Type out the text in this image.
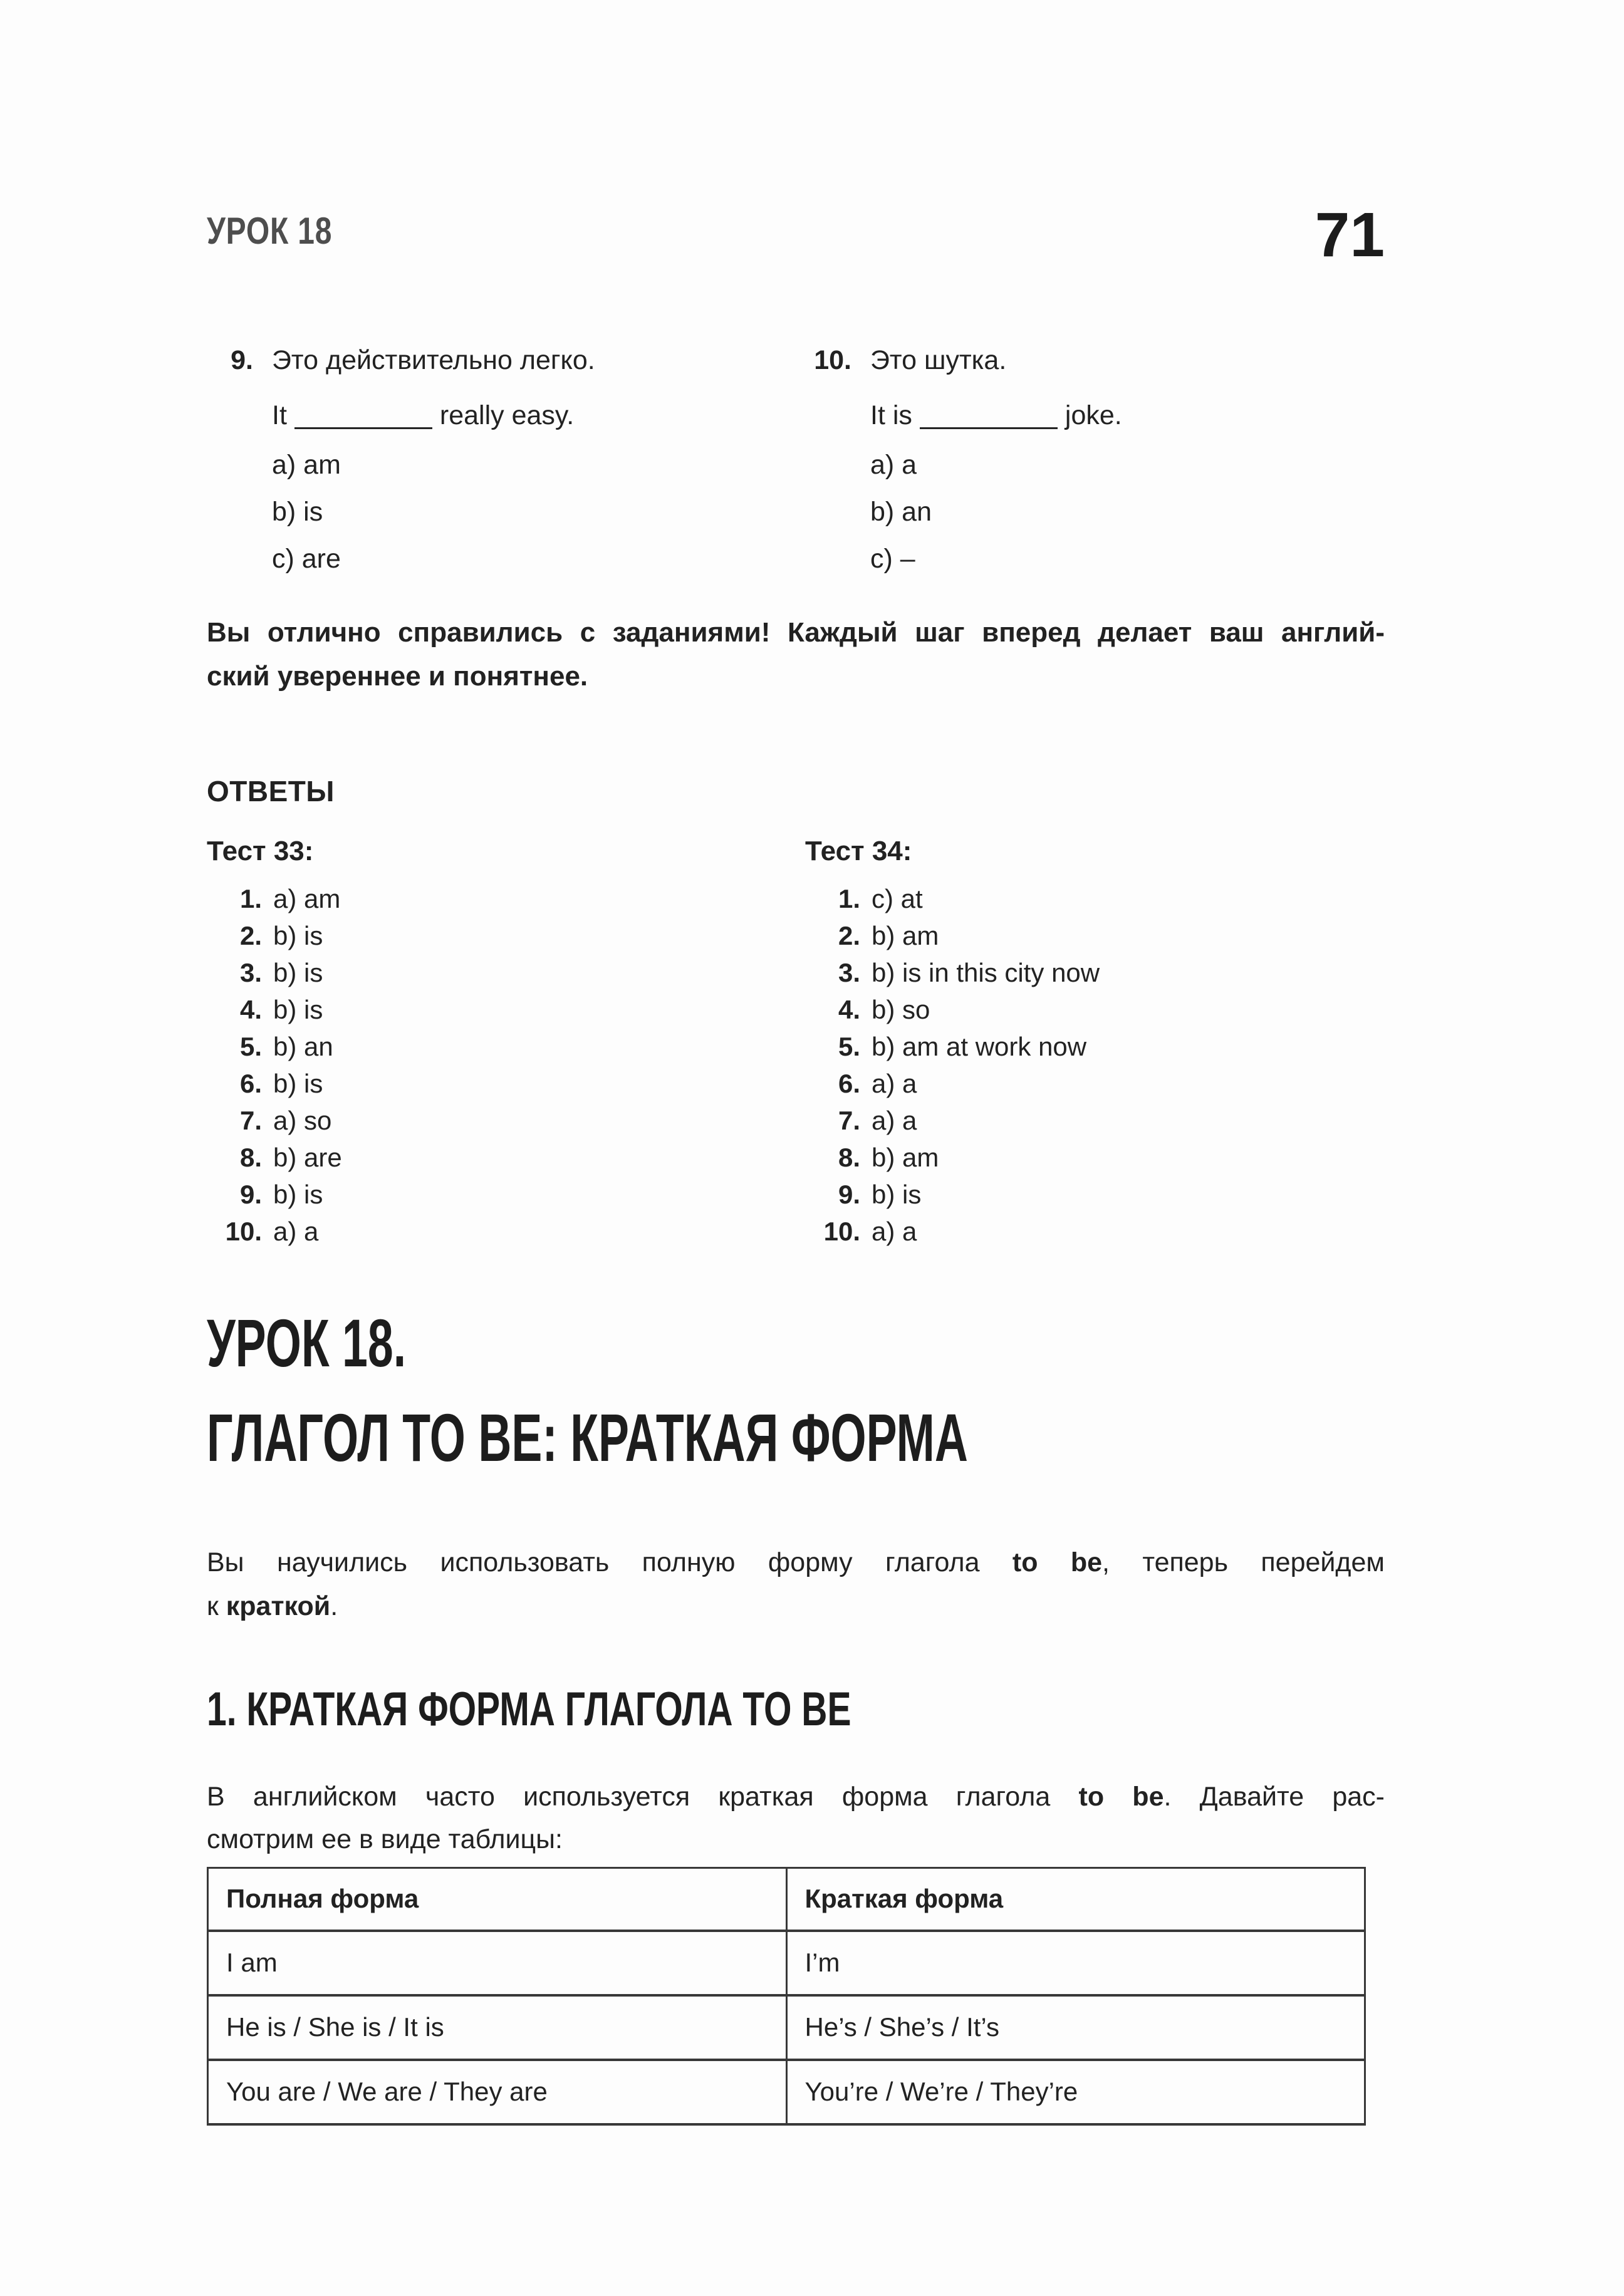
УРОК 18	71
9. Это действительно легко.
It	really easy.
a) am
b) is
c) are
10. Это шутка.
It is	joke.
a) a
b) an
c) –
Вы отлично справились с заданиями! Каждый шаг вперед делает ваш англий-
ский увереннее и понятнее.
ОТВЕТЫ
Тест 33:
1. a) am
2. b) is
3. b) is
4. b) is
5. b) an
6. b) is
7. a) so
8. b) are
9. b) is
10. a) a
Тест 34:
1. c) at
2. b) am
3. b) is in this city now
4. b) so
5. b) am at work now
6. a) a
7. a) a
8. b) am
9. b) is
10. a) a
УРОК 18.
ГЛАГОЛ TO BE: КРАТКАЯ ФОРМА
Вы научились использовать полную форму глагола to be, теперь перейдем
к краткой.
1. КРАТКАЯ ФОРМА ГЛАГОЛА TO BE
В английском часто используется краткая форма глагола to be. Давайте рас-
смотрим ее в виде таблицы:
Полная форма	Краткая форма
I am	I’m
He is / She is / It is	He’s / She’s / It’s
You are / We are / They are	You’re / We’re / They’re
